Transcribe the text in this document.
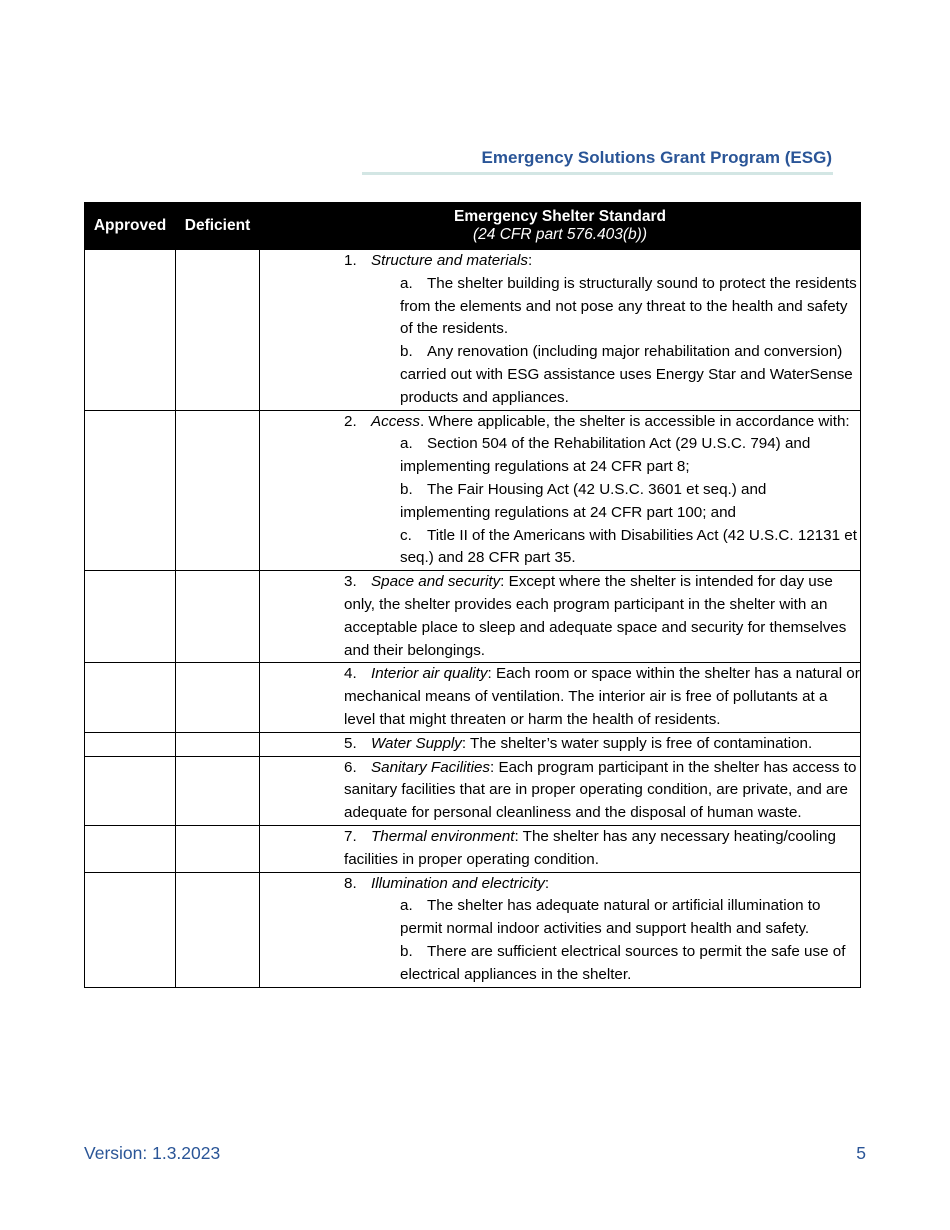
Emergency Solutions Grant Program (ESG)
Approved	Deficient	Emergency Shelter Standard
(24 CFR part 576.403(b))

		1. Structure and materials:
a. The shelter building is structurally sound to protect the residents from the elements and not pose any threat to the health and safety of the residents.
b. Any renovation (including major rehabilitation and conversion) carried out with ESG assistance uses Energy Star and WaterSense products and appliances.

		2. Access. Where applicable, the shelter is accessible in accordance with:
a. Section 504 of the Rehabilitation Act (29 U.S.C. 794) and implementing regulations at 24 CFR part 8;
b. The Fair Housing Act (42 U.S.C. 3601 et seq.) and implementing regulations at 24 CFR part 100; and
c. Title II of the Americans with Disabilities Act (42 U.S.C. 12131 et seq.) and 28 CFR part 35.

		3. Space and security: Except where the shelter is intended for day use only, the shelter provides each program participant in the shelter with an acceptable place to sleep and adequate space and security for themselves and their belongings.

		4. Interior air quality: Each room or space within the shelter has a natural or mechanical means of ventilation. The interior air is free of pollutants at a level that might threaten or harm the health of residents.

		5. Water Supply: The shelter’s water supply is free of contamination.

		6. Sanitary Facilities: Each program participant in the shelter has access to sanitary facilities that are in proper operating condition, are private, and are adequate for personal cleanliness and the disposal of human waste.

		7. Thermal environment: The shelter has any necessary heating/cooling facilities in proper operating condition.

		8. Illumination and electricity:
a. The shelter has adequate natural or artificial illumination to permit normal indoor activities and support health and safety.
b. There are sufficient electrical sources to permit the safe use of electrical appliances in the shelter.
Version: 1.3.2023	5
